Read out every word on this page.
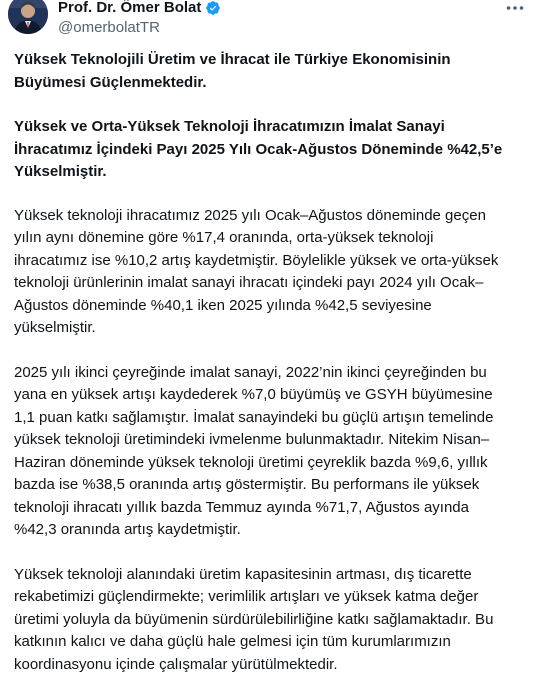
Prof. Dr. Ömer Bolat
@omerbolatTR

Yüksek Teknolojili Üretim ve İhracat ile Türkiye Ekonomisinin

Büyümesi Güçlenmektedir.

Yüksek ve Orta-Yüksek Teknoloji İhracatımızın İmalat Sanayi

İhracatımız İçindeki Payı 2025 Yılı Ocak-Ağustos Döneminde %42,5’e

Yükselmiştir.

Yüksek teknoloji ihracatımız 2025 yılı Ocak–Ağustos döneminde geçen

yılın aynı dönemine göre %17,4 oranında, orta-yüksek teknoloji

ihracatımız ise %10,2 artış kaydetmiştir. Böylelikle yüksek ve orta-yüksek

teknoloji ürünlerinin imalat sanayi ihracatı içindeki payı 2024 yılı Ocak–

Ağustos döneminde %40,1 iken 2025 yılında %42,5 seviyesine

yükselmiştir.

2025 yılı ikinci çeyreğinde imalat sanayi, 2022’nin ikinci çeyreğinden bu

yana en yüksek artışı kaydederek %7,0 büyümüş ve GSYH büyümesine

1,1 puan katkı sağlamıştır. İmalat sanayindeki bu güçlü artışın temelinde

yüksek teknoloji üretimindeki ivmelenme bulunmaktadır. Nitekim Nisan–

Haziran döneminde yüksek teknoloji üretimi çeyreklik bazda %9,6, yıllık

bazda ise %38,5 oranında artış göstermiştir. Bu performans ile yüksek

teknoloji ihracatı yıllık bazda Temmuz ayında %71,7, Ağustos ayında

%42,3 oranında artış kaydetmiştir.

Yüksek teknoloji alanındaki üretim kapasitesinin artması, dış ticarette

rekabetimizi güçlendirmekte; verimlilik artışları ve yüksek katma değer

üretimi yoluyla da büyümenin sürdürülebilirliğine katkı sağlamaktadır. Bu

katkının kalıcı ve daha güçlü hale gelmesi için tüm kurumlarımızın

koordinasyonu içinde çalışmalar yürütülmektedir.
